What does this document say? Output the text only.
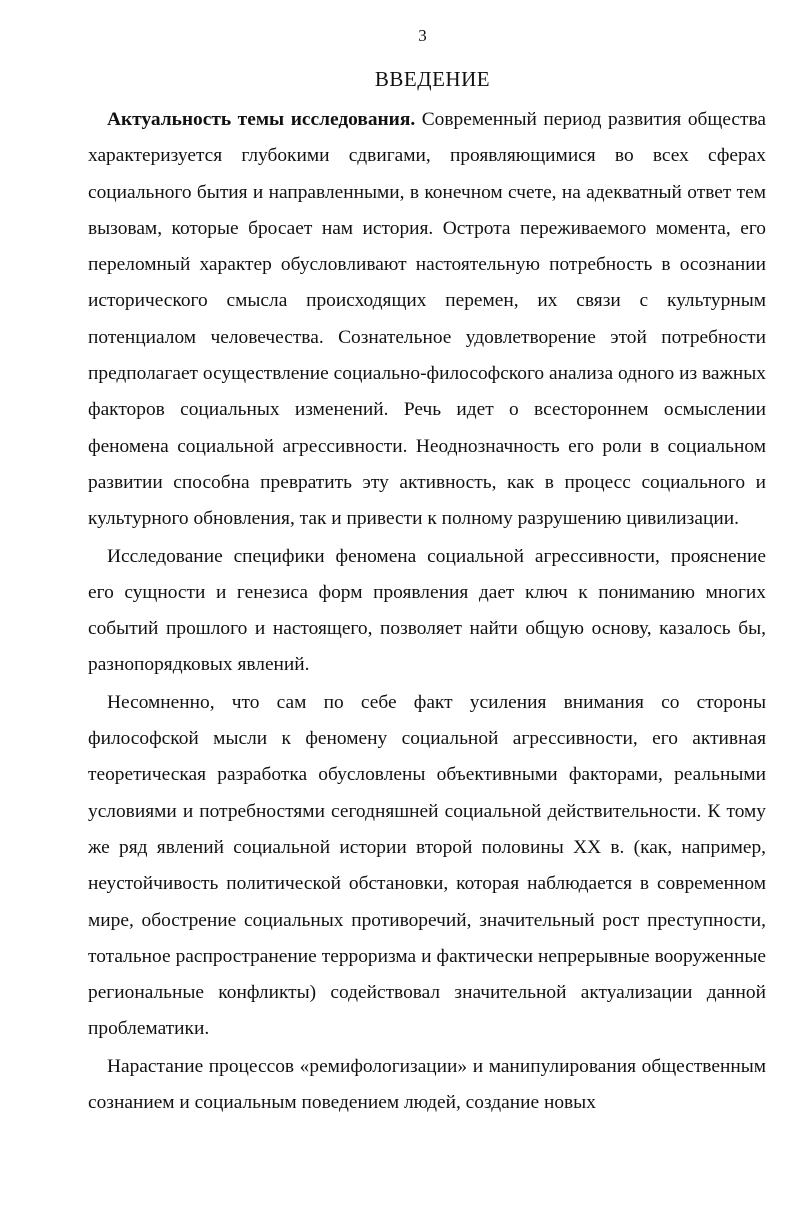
3
ВВЕДЕНИЕ

Актуальность темы исследования. Современный период развития общества характеризуется глубокими сдвигами, проявляющимися во всех сферах социального бытия и направленными, в конечном счете, на адекватный ответ тем вызовам, которые бросает нам история. Острота переживаемого момента, его переломный характер обусловливают настоятельную потребность в осознании исторического смысла происходящих перемен, их связи с культурным потенциалом человечества. Сознательное удовлетворение этой потребности предполагает осуществление социально-философского анализа одного из важных факторов социальных изменений. Речь идет о всестороннем осмыслении феномена социальной агрессивности. Неоднозначность его роли в социальном развитии способна превратить эту активность, как в процесс социального и культурного обновления, так и привести к полному разрушению цивилизации.

Исследование специфики феномена социальной агрессивности, прояснение его сущности и генезиса форм проявления дает ключ к пониманию многих событий прошлого и настоящего, позволяет найти общую основу, казалось бы, разнопорядковых явлений.

Несомненно, что сам по себе факт усиления внимания со стороны философской мысли к феномену социальной агрессивности, его активная теоретическая разработка обусловлены объективными факторами, реальными условиями и потребностями сегодняшней социальной действительности. К тому же ряд явлений социальной истории второй половины XX в. (как, например, неустойчивость политической обстановки, которая наблюдается в современном мире, обострение социальных противоречий, значительный рост преступности, тотальное распространение терроризма и фактически непрерывные вооруженные региональные конфликты) содействовал значительной актуализации данной проблематики.

Нарастание процессов «ремифологизации» и манипулирования общественным сознанием и социальным поведением людей, создание новых
